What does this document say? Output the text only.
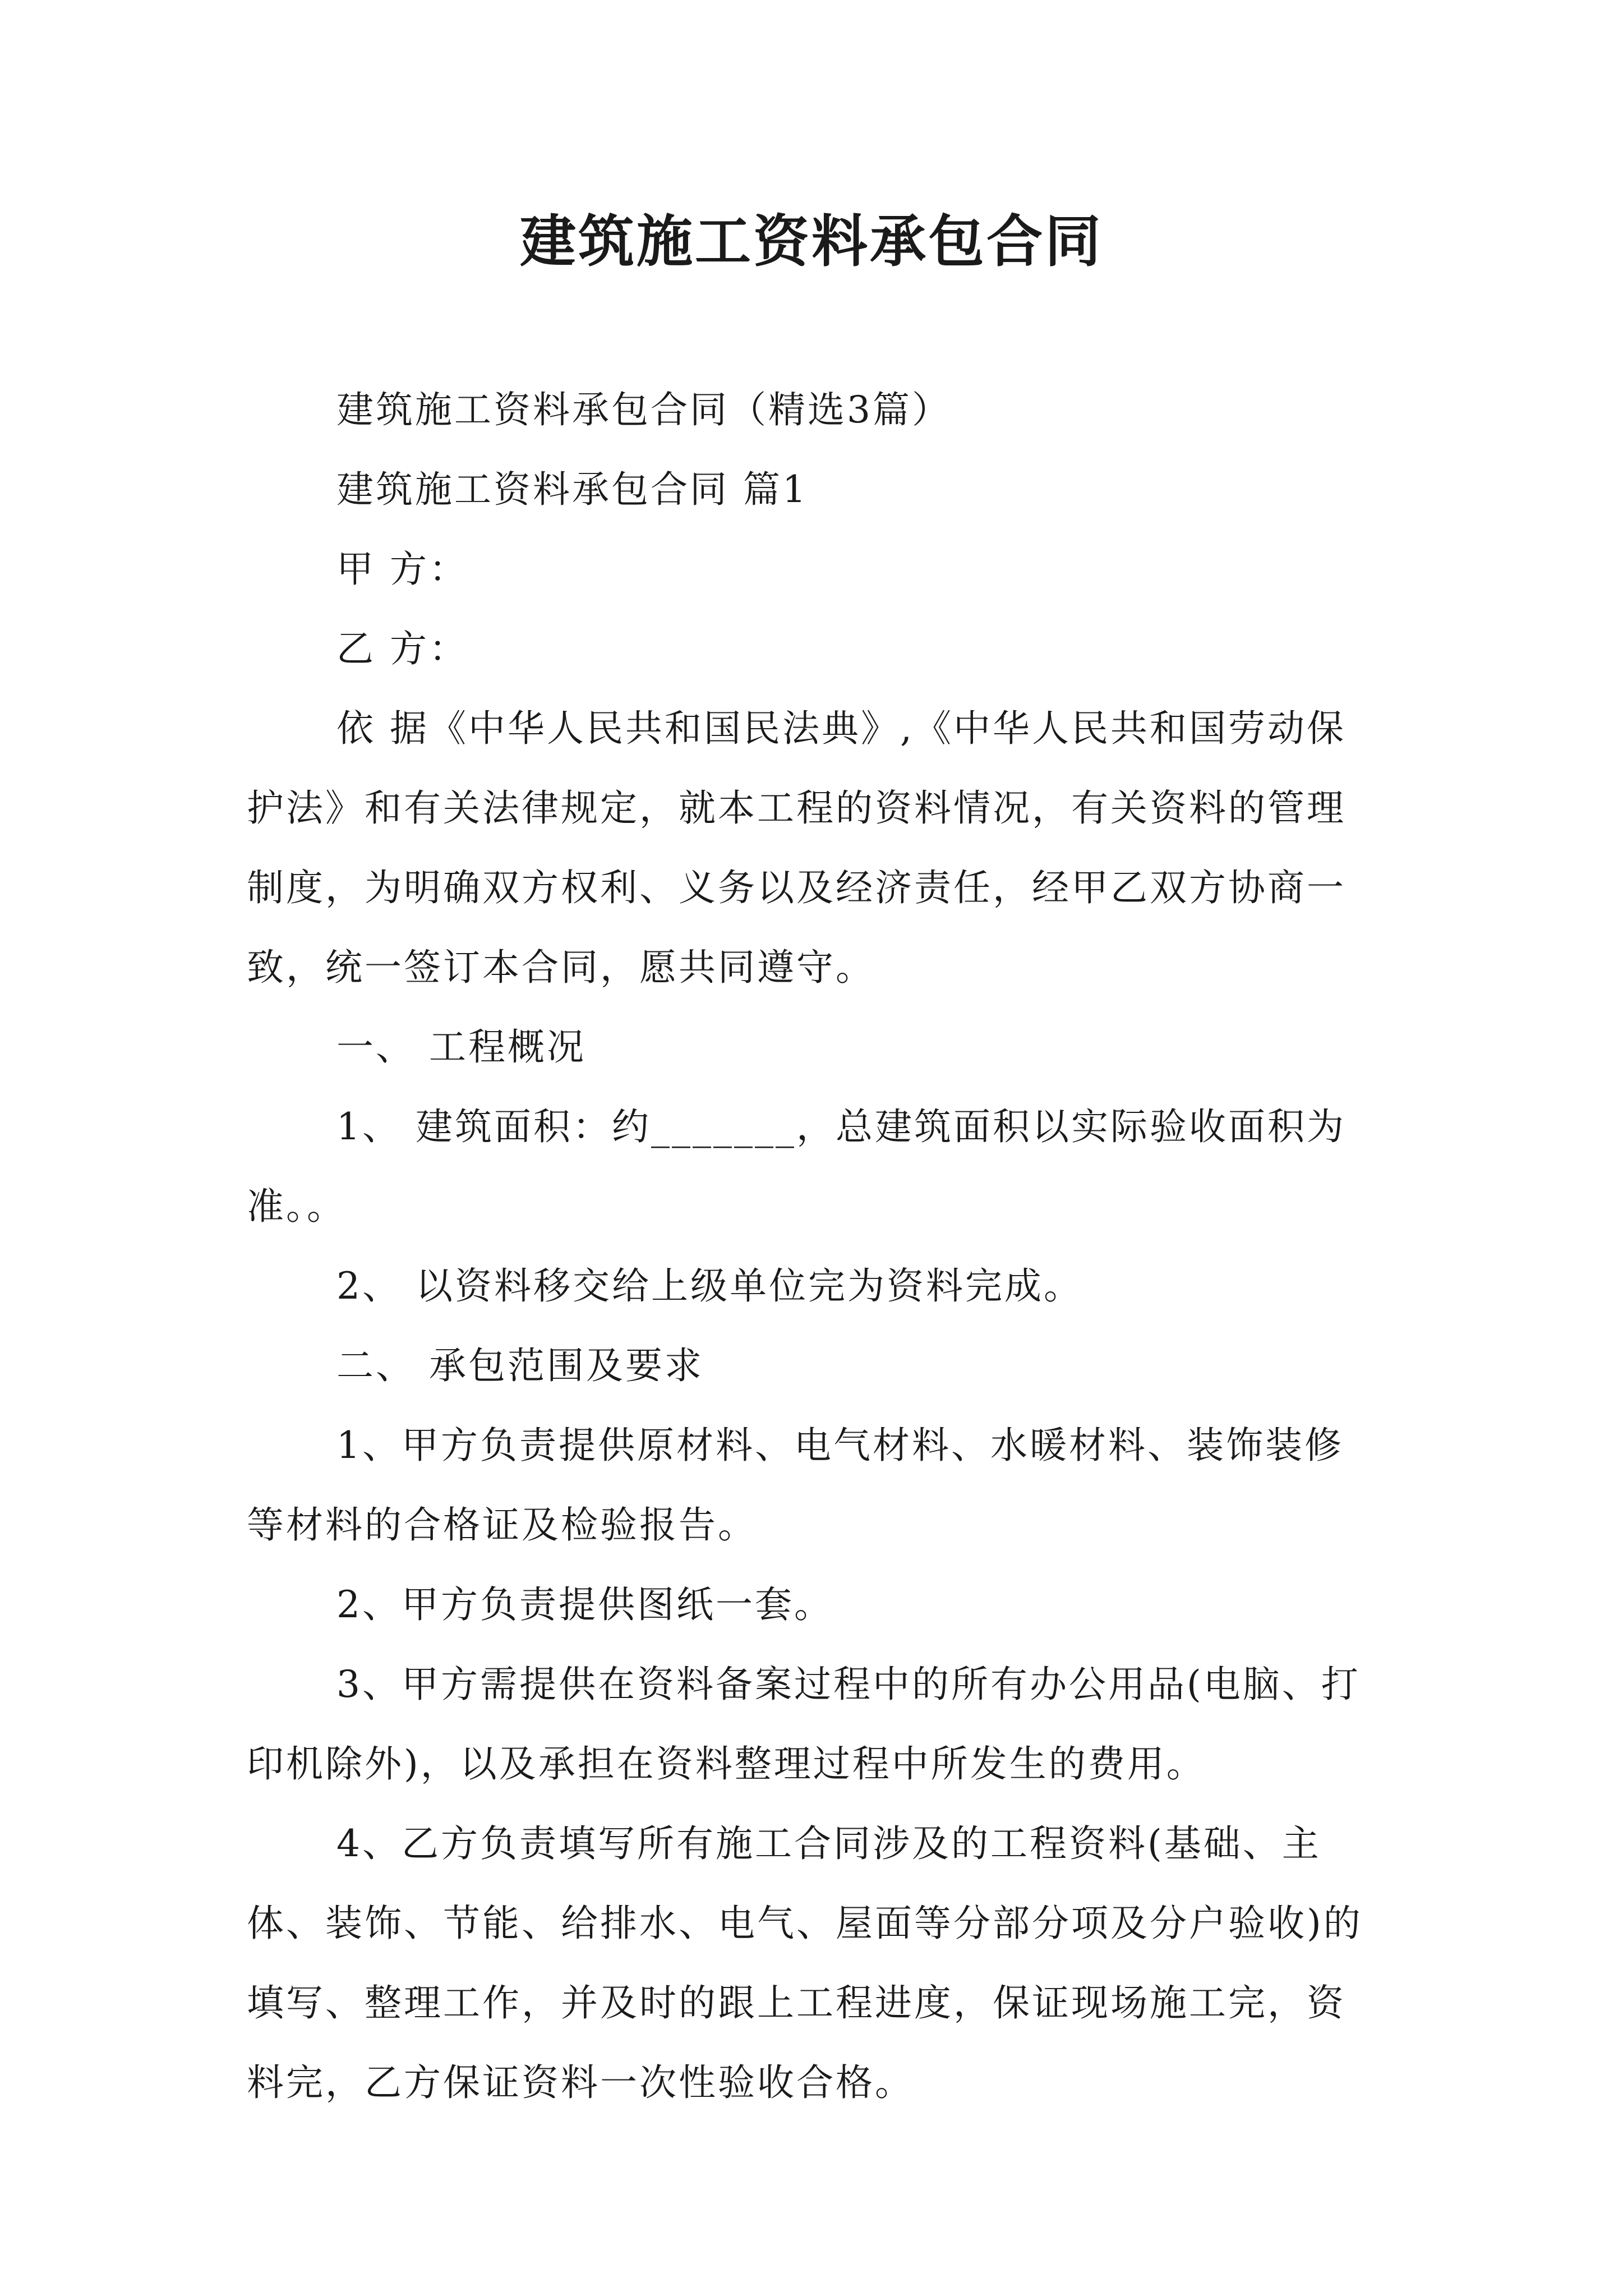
建筑施工资料承包合同

建筑施工资料承包合同（精选3篇）

建筑施工资料承包合同 篇1

甲 方：

乙 方：

依 据《中华人民共和国民法典》,《中华人民共和国劳动保护法》和有关法律规定，就本工程的资料情况，有关资料的管理制度，为明确双方权利、义务以及经济责任，经甲乙双方协商一致，统一签订本合同，愿共同遵守。

一、 工程概况

1、 建筑面积：约_______，总建筑面积以实际验收面积为准。。

2、 以资料移交给上级单位完为资料完成。

二、 承包范围及要求

1、甲方负责提供原材料、电气材料、水暖材料、装饰装修等材料的合格证及检验报告。

2、甲方负责提供图纸一套。

3、甲方需提供在资料备案过程中的所有办公用品(电脑、打印机除外)，以及承担在资料整理过程中所发生的费用。

4、乙方负责填写所有施工合同涉及的工程资料(基础、主体、装饰、节能、给排水、电气、屋面等分部分项及分户验收)的填写、整理工作，并及时的跟上工程进度，保证现场施工完，资料完，乙方保证资料一次性验收合格。
